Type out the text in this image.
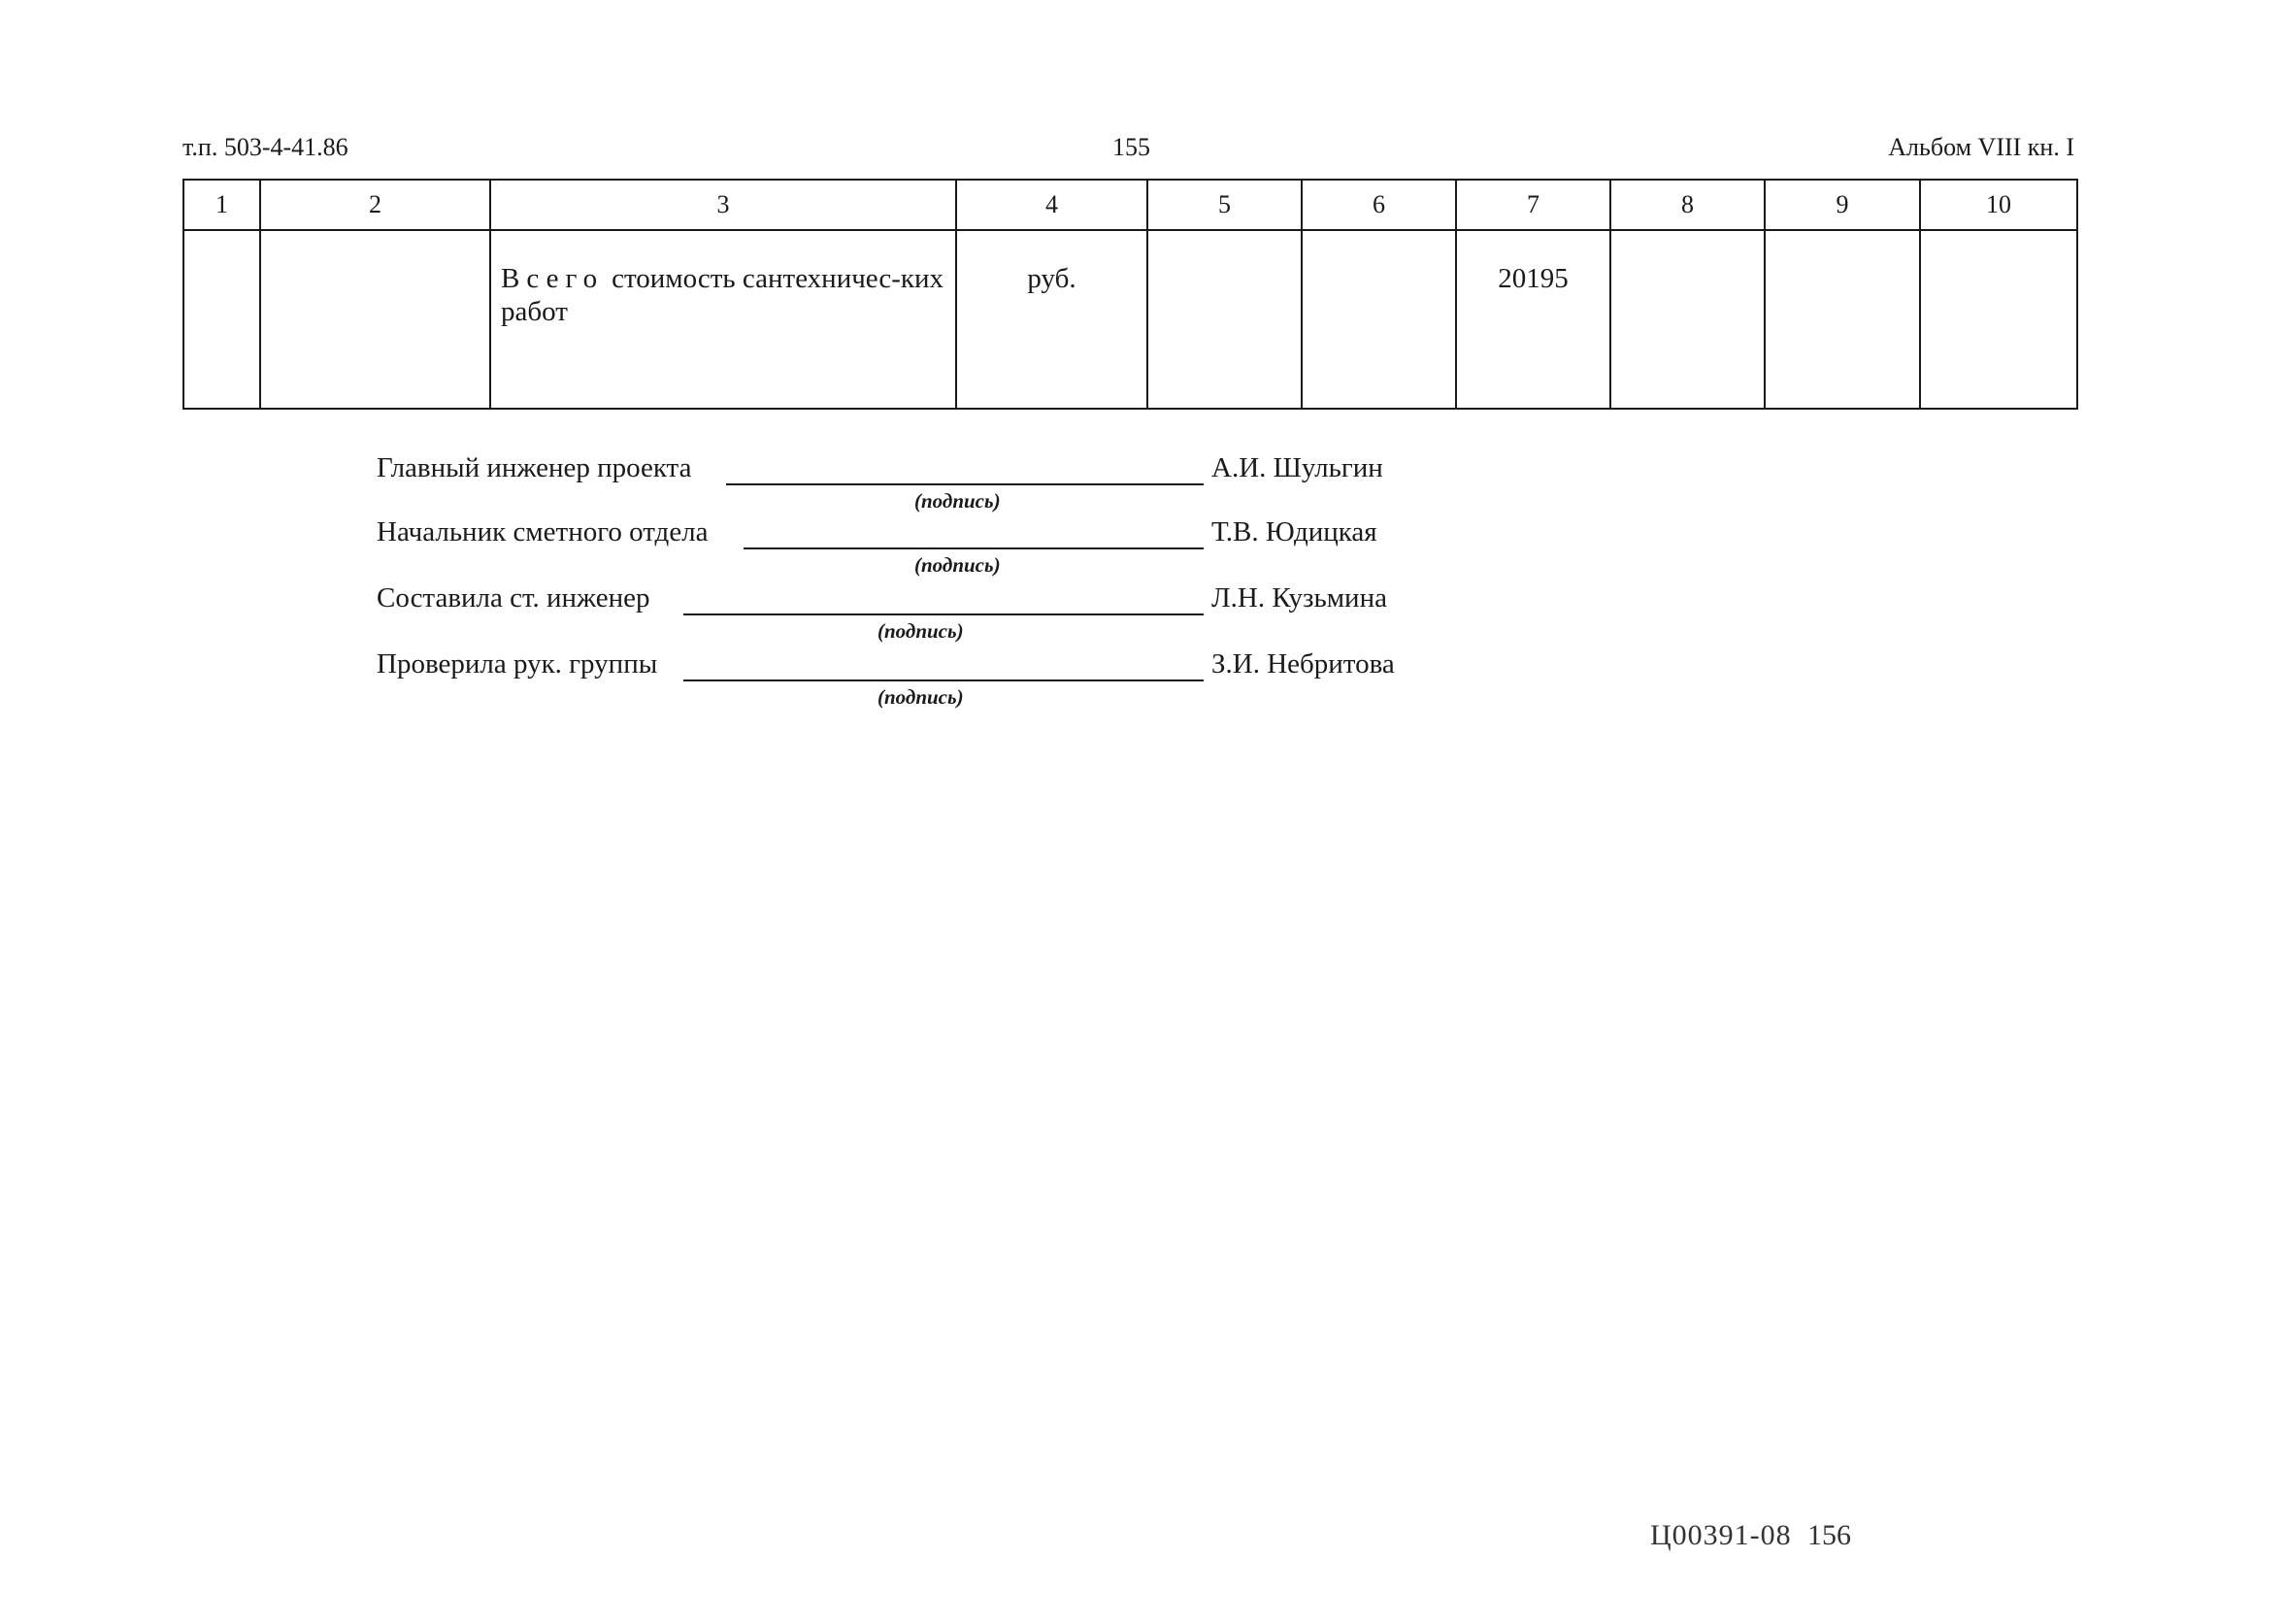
т.п. 503-4-41.86	155	Альбом VIII кн. I
1	2	3	4	5	6	7	8	9	10
		Всего стоимость сантехничес-ких работ	руб.			20195			
Главный инженер проекта
(подпись)
А.И. Шульгин
Начальник сметного отдела
(подпись)
Т.В. Юдицкая
Составила ст. инженер
(подпись)
Л.Н. Кузьмина
Проверила рук. группы
(подпись)
З.И. Небритова
Ц00391-08 156
